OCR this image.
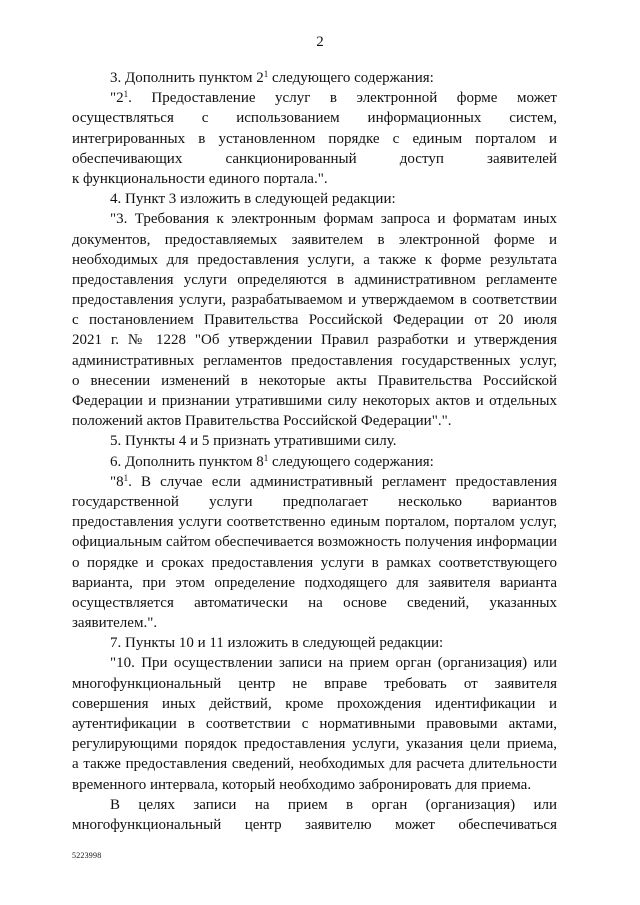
2
3. Дополнить пунктом $2^1$ следующего содержания:
"$2^1$. Предоставление услуг в электронной форме может
осуществляться с использованием информационных систем,
интегрированных в установленном порядке с единым порталом и
обеспечивающих санкционированный доступ заявителей
к функциональности единого портала.".
4. Пункт 3 изложить в следующей редакции:
"3. Требования к электронным формам запроса и форматам иных
документов, предоставляемых заявителем в электронной форме и
необходимых для предоставления услуги, а также к форме результата
предоставления услуги определяются в административном регламенте
предоставления услуги, разрабатываемом и утверждаемом в соответствии
с постановлением Правительства Российской Федерации от 20 июля
2021 г. № 1228 "Об утверждении Правил разработки и утверждения
административных регламентов предоставления государственных услуг,
о внесении изменений в некоторые акты Правительства Российской
Федерации и признании утратившими силу некоторых актов и отдельных
положений актов Правительства Российской Федерации".".
5. Пункты 4 и 5 признать утратившими силу.
6. Дополнить пунктом $8^1$ следующего содержания:
"$8^1$. В случае если административный регламент предоставления
государственной услуги предполагает несколько вариантов
предоставления услуги соответственно единым порталом, порталом услуг,
официальным сайтом обеспечивается возможность получения информации
о порядке и сроках предоставления услуги в рамках соответствующего
варианта, при этом определение подходящего для заявителя варианта
осуществляется автоматически на основе сведений, указанных
заявителем.".
7. Пункты 10 и 11 изложить в следующей редакции:
"10. При осуществлении записи на прием орган (организация) или
многофункциональный центр не вправе требовать от заявителя
совершения иных действий, кроме прохождения идентификации и
аутентификации в соответствии с нормативными правовыми актами,
регулирующими порядок предоставления услуги, указания цели приема,
а также предоставления сведений, необходимых для расчета длительности
временного интервала, который необходимо забронировать для приема.
В целях записи на прием в орган (организация) или
многофункциональный центр заявителю может обеспечиваться
5223998
